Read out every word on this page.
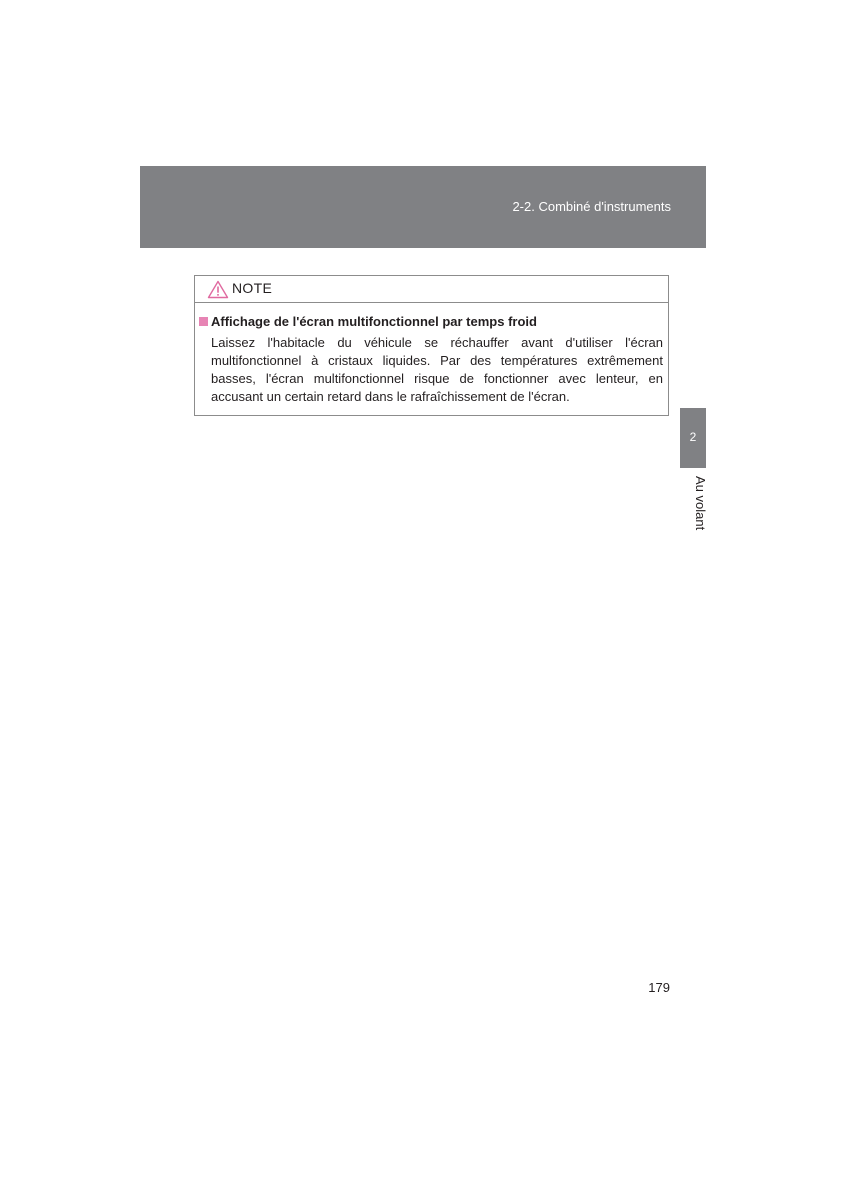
2-2. Combiné d'instruments
NOTE
Affichage de l'écran multifonctionnel par temps froid
Laissez l'habitacle du véhicule se réchauffer avant d'utiliser l'écran multifonctionnel à cristaux liquides. Par des températures extrêmement basses, l'écran multifonctionnel risque de fonctionner avec lenteur, en accusant un certain retard dans le rafraîchissement de l'écran.
2
Au volant
179
